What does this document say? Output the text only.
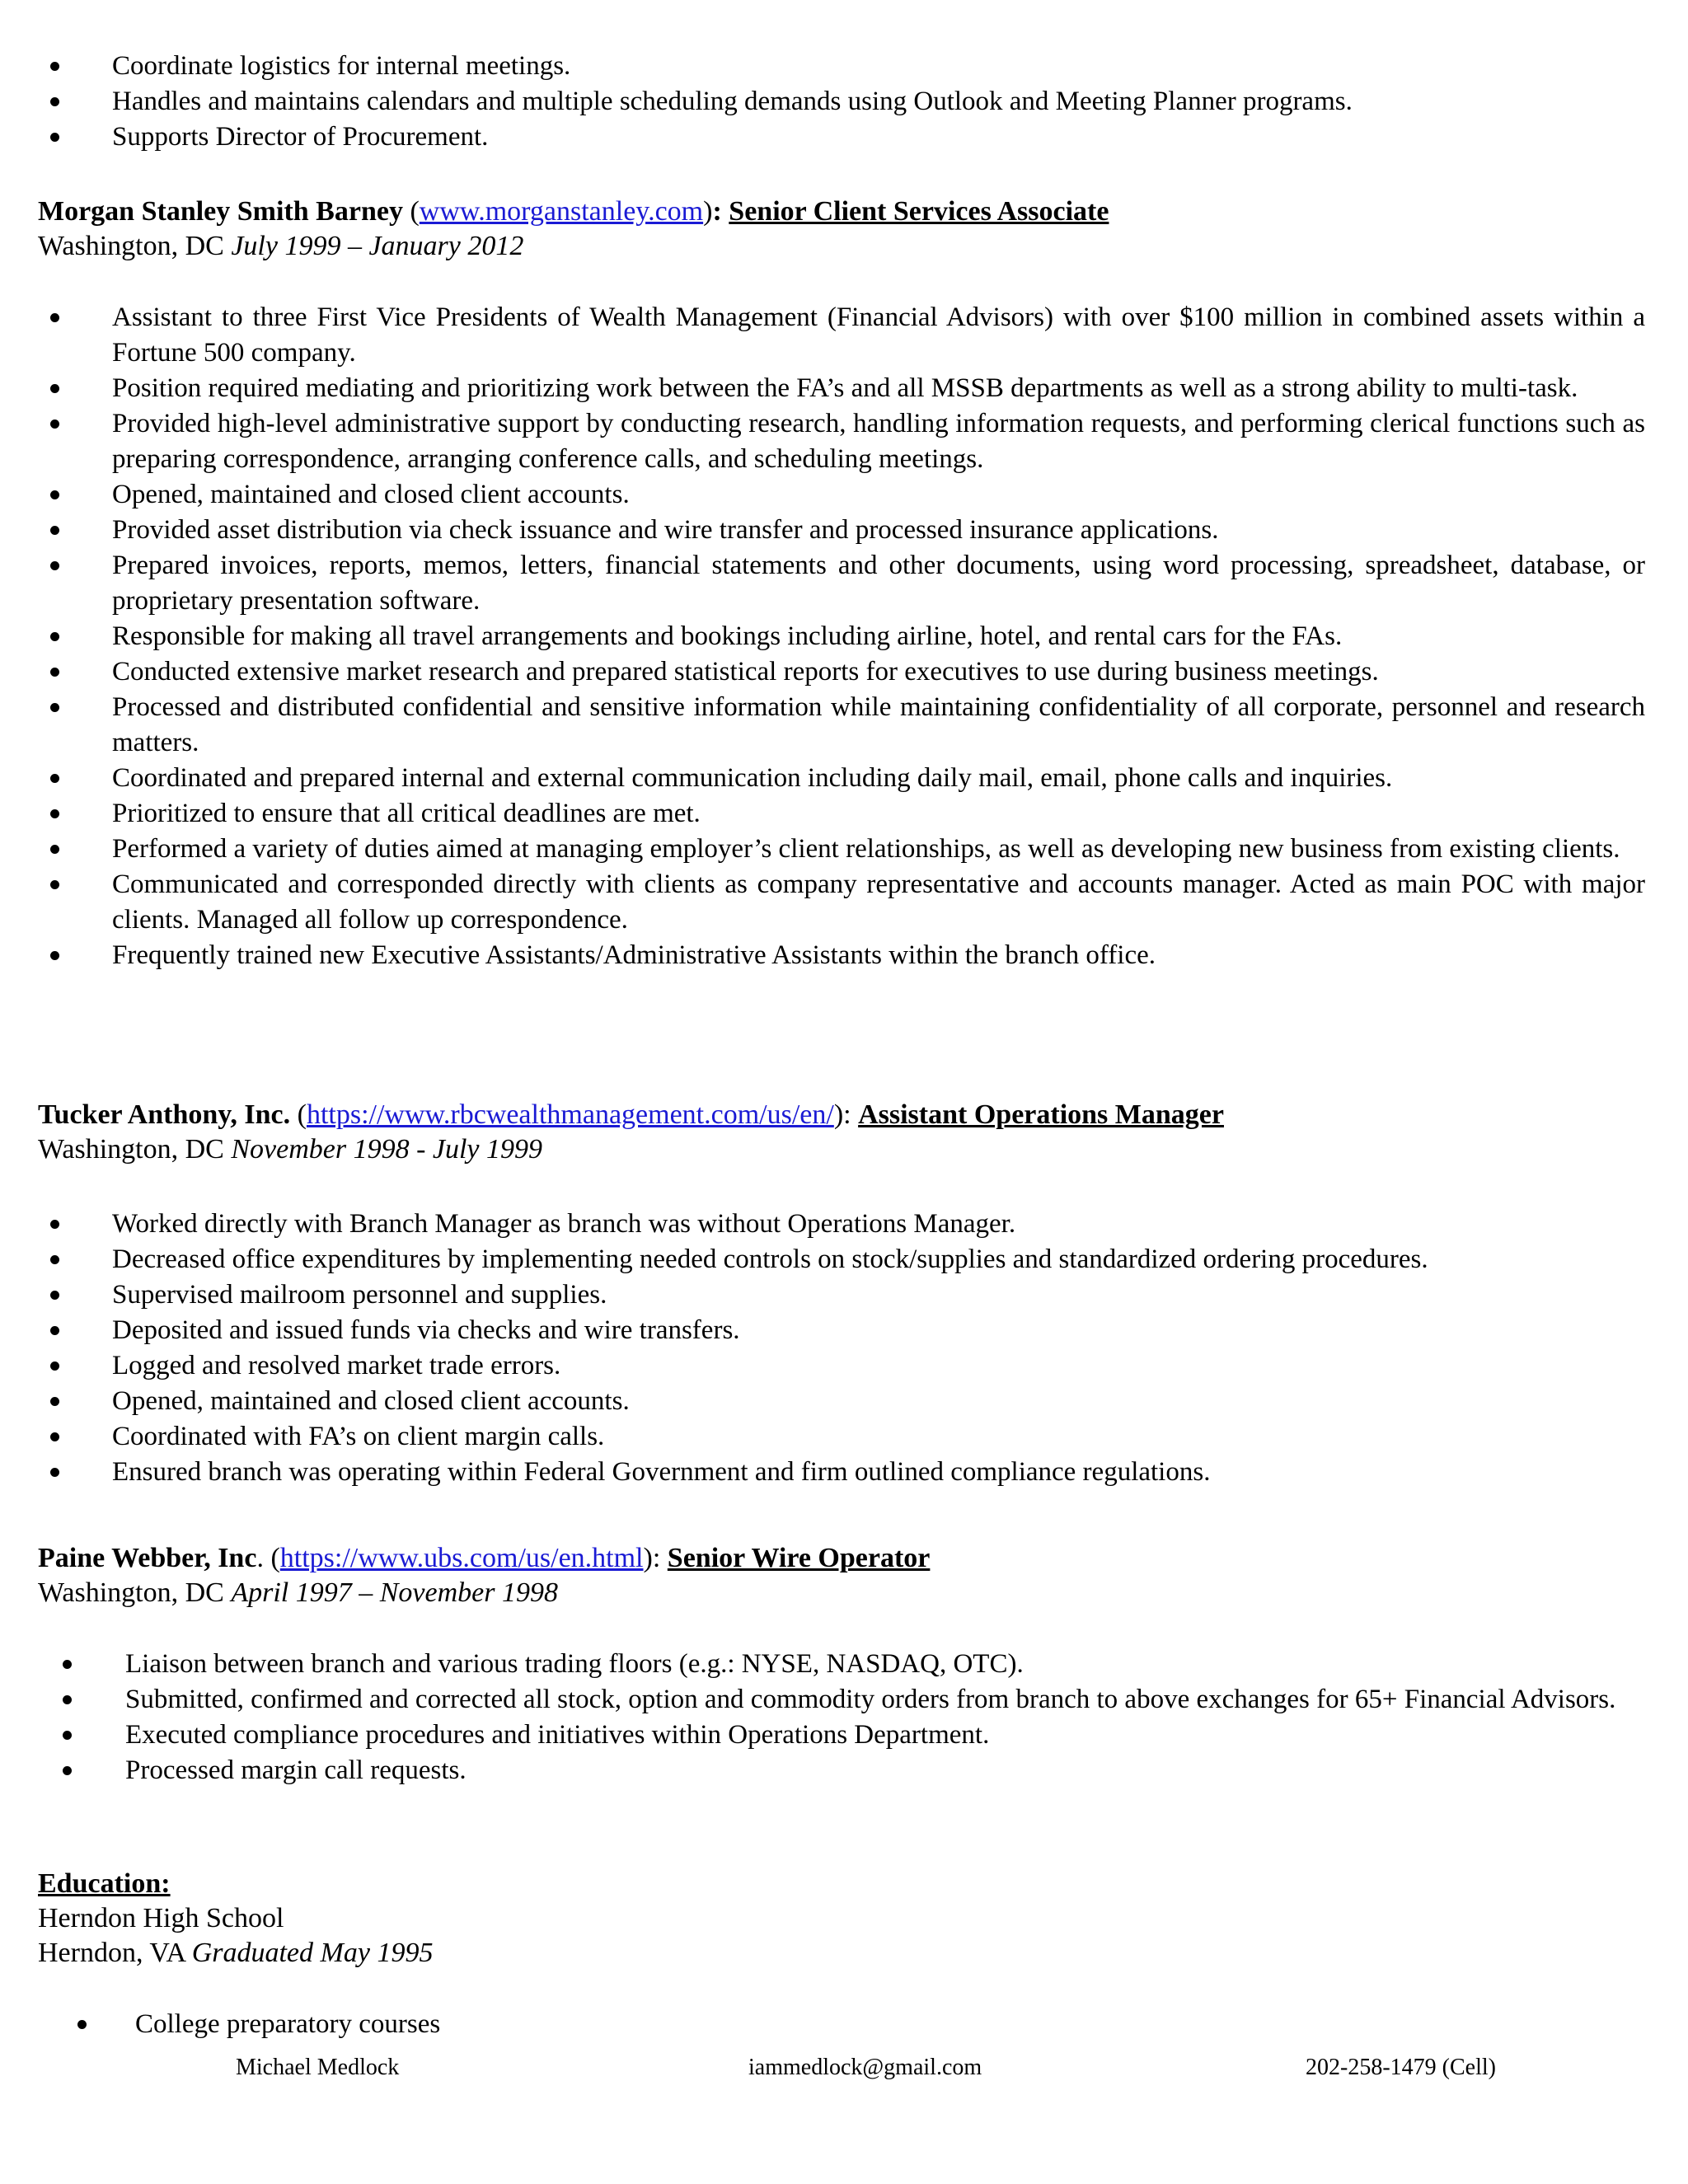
Coordinate logistics for internal meetings.
Handles and maintains calendars and multiple scheduling demands using Outlook and Meeting Planner programs.
Supports Director of Procurement.
Morgan Stanley Smith Barney (www.morganstanley.com): Senior Client Services Associate
Washington, DC July 1999 – January 2012
Assistant to three First Vice Presidents of Wealth Management (Financial Advisors) with over $100 million in combined assets within a Fortune 500 company.
Position required mediating and prioritizing work between the FA’s and all MSSB departments as well as a strong ability to multi-task.
Provided high-level administrative support by conducting research, handling information requests, and performing clerical functions such as preparing correspondence, arranging conference calls, and scheduling meetings.
Opened, maintained and closed client accounts.
Provided asset distribution via check issuance and wire transfer and processed insurance applications.
Prepared invoices, reports, memos, letters, financial statements and other documents, using word processing, spreadsheet, database, or proprietary presentation software.
Responsible for making all travel arrangements and bookings including airline, hotel, and rental cars for the FAs.
Conducted extensive market research and prepared statistical reports for executives to use during business meetings.
Processed and distributed confidential and sensitive information while maintaining confidentiality of all corporate, personnel and research matters.
Coordinated and prepared internal and external communication including daily mail, email, phone calls and inquiries.
Prioritized to ensure that all critical deadlines are met.
Performed a variety of duties aimed at managing employer’s client relationships, as well as developing new business from existing clients.
Communicated and corresponded directly with clients as company representative and accounts manager. Acted as main POC with major clients. Managed all follow up correspondence.
Frequently trained new Executive Assistants/Administrative Assistants within the branch office.
Tucker Anthony, Inc. (https://www.rbcwealthmanagement.com/us/en/): Assistant Operations Manager
Washington, DC November 1998 - July 1999
Worked directly with Branch Manager as branch was without Operations Manager.
Decreased office expenditures by implementing needed controls on stock/supplies and standardized ordering procedures.
Supervised mailroom personnel and supplies.
Deposited and issued funds via checks and wire transfers.
Logged and resolved market trade errors.
Opened, maintained and closed client accounts.
Coordinated with FA’s on client margin calls.
Ensured branch was operating within Federal Government and firm outlined compliance regulations.
Paine Webber, Inc. (https://www.ubs.com/us/en.html): Senior Wire Operator
Washington, DC April 1997 – November 1998
Liaison between branch and various trading floors (e.g.: NYSE, NASDAQ, OTC).
Submitted, confirmed and corrected all stock, option and commodity orders from branch to above exchanges for 65+ Financial Advisors.
Executed compliance procedures and initiatives within Operations Department.
Processed margin call requests.
Education:
Herndon High School
Herndon, VA Graduated May 1995
College preparatory courses
Michael Medlock	iammedlock@gmail.com	202-258-1479 (Cell)
